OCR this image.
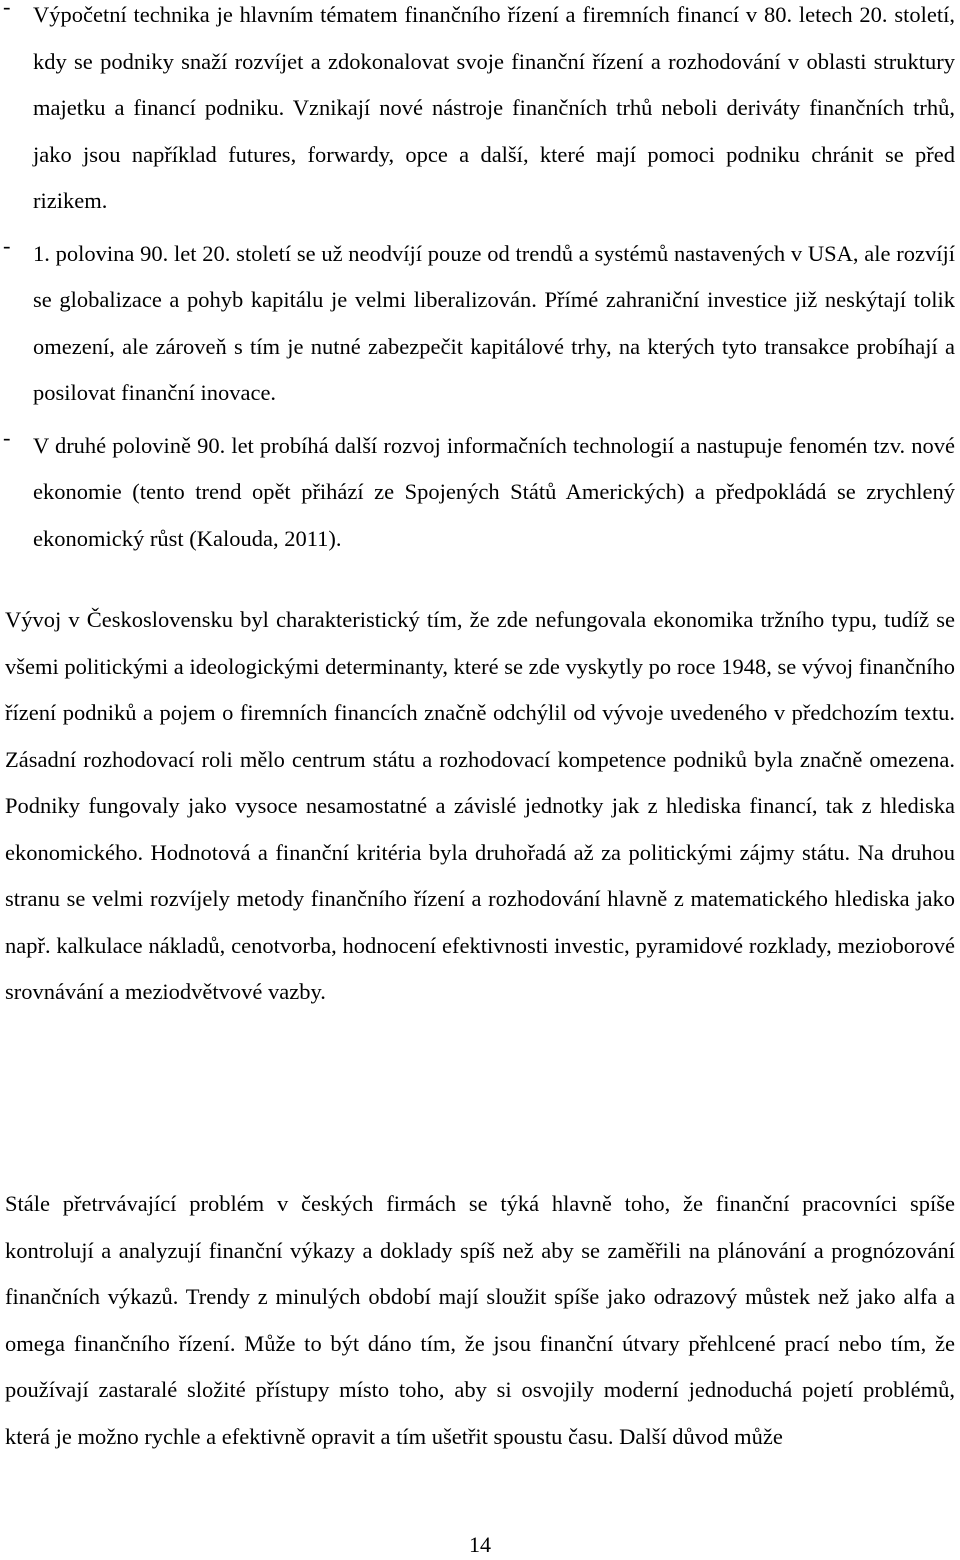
- Výpočetní technika je hlavním tématem finančního řízení a firemních financí v 80. letech 20. století, kdy se podniky snaží rozvíjet a zdokonalovat svoje finanční řízení a rozhodování v oblasti struktury majetku a financí podniku. Vznikají nové nástroje finančních trhů neboli deriváty finančních trhů, jako jsou například futures, forwardy, opce a další, které mají pomoci podniku chránit se před rizikem.
- 1. polovina 90. let 20. století se už neodvíjí pouze od trendů a systémů nastavených v USA, ale rozvíjí se globalizace a pohyb kapitálu je velmi liberalizován. Přímé zahraniční investice již neskýtají tolik omezení, ale zároveň s tím je nutné zabezpečit kapitálové trhy, na kterých tyto transakce probíhají a posilovat finanční inovace.
- V druhé polovině 90. let probíhá další rozvoj informačních technologií a nastupuje fenomén tzv. nové ekonomie (tento trend opět přihází ze Spojených Států Amerických) a předpokládá se zrychlený ekonomický růst (Kalouda, 2011).

Vývoj v Československu byl charakteristický tím, že zde nefungovala ekonomika tržního typu, tudíž se všemi politickými a ideologickými determinanty, které se zde vyskytly po roce 1948, se vývoj finančního řízení podniků a pojem o firemních financích značně odchýlil od vývoje uvedeného v předchozím textu. Zásadní rozhodovací roli mělo centrum státu a rozhodovací kompetence podniků byla značně omezena. Podniky fungovaly jako vysoce nesamostatné a závislé jednotky jak z hlediska financí, tak z hlediska ekonomického. Hodnotová a finanční kritéria byla druhořadá až za politickými zájmy státu. Na druhou stranu se velmi rozvíjely metody finančního řízení a rozhodování hlavně z matematického hlediska jako např. kalkulace nákladů, cenotvorba, hodnocení efektivnosti investic, pyramidové rozklady, mezioborové srovnávání a meziodvětvové vazby.

Stále přetrvávající problém v českých firmách se týká hlavně toho, že finanční pracovníci spíše kontrolují a analyzují finanční výkazy a doklady spíš než aby se zaměřili na plánování a prognózování finančních výkazů. Trendy z minulých období mají sloužit spíše jako odrazový můstek než jako alfa a omega finančního řízení. Může to být dáno tím, že jsou finanční útvary přehlcené prací nebo tím, že používají zastaralé složité přístupy místo toho, aby si osvojily moderní jednoduchá pojetí problémů, která je možno rychle a efektivně opravit a tím ušetřit spoustu času. Další důvod může

14
